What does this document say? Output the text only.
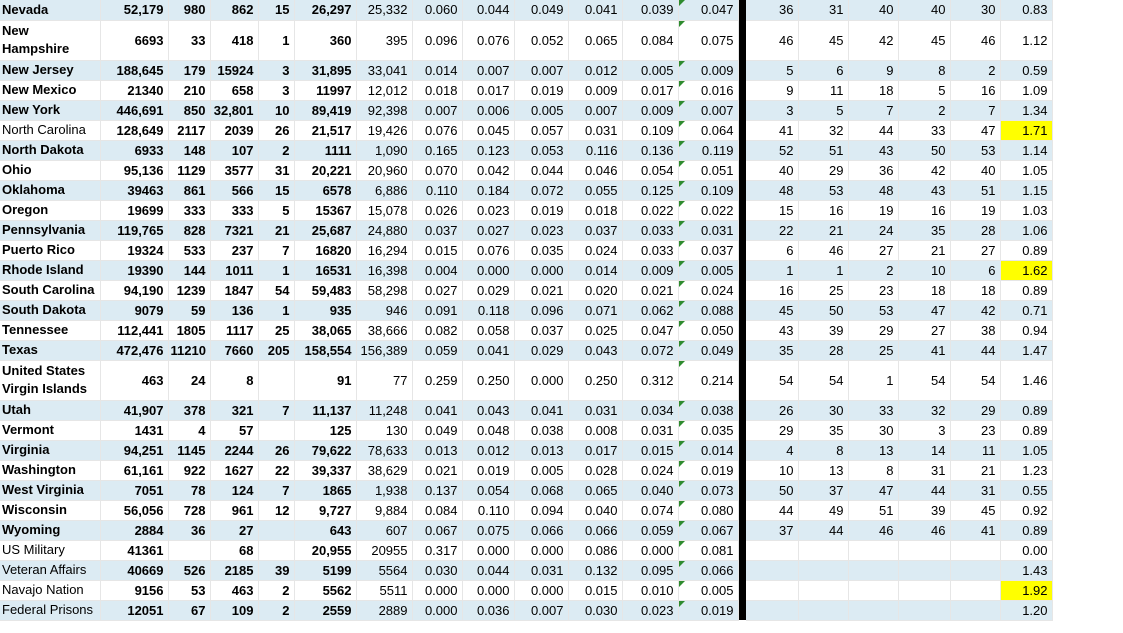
Nevada	52,179	980	862	15	26,297	25,332	0.060	0.044	0.049	0.041	0.039	0.047		36	31	40	40	30	0.83
New Hampshire	6693	33	418	1	360	395	0.096	0.076	0.052	0.065	0.084	0.075		46	45	42	45	46	1.12
New Jersey	188,645	179	15924	3	31,895	33,041	0.014	0.007	0.007	0.012	0.005	0.009		5	6	9	8	2	0.59
New Mexico	21340	210	658	3	11997	12,012	0.018	0.017	0.019	0.009	0.017	0.016		9	11	18	5	16	1.09
New York	446,691	850	32,801	10	89,419	92,398	0.007	0.006	0.005	0.007	0.009	0.007		3	5	7	2	7	1.34
North Carolina	128,649	2117	2039	26	21,517	19,426	0.076	0.045	0.057	0.031	0.109	0.064		41	32	44	33	47	1.71
North Dakota	6933	148	107	2	1111	1,090	0.165	0.123	0.053	0.116	0.136	0.119		52	51	43	50	53	1.14
Ohio	95,136	1129	3577	31	20,221	20,960	0.070	0.042	0.044	0.046	0.054	0.051		40	29	36	42	40	1.05
Oklahoma	39463	861	566	15	6578	6,886	0.110	0.184	0.072	0.055	0.125	0.109		48	53	48	43	51	1.15
Oregon	19699	333	333	5	15367	15,078	0.026	0.023	0.019	0.018	0.022	0.022		15	16	19	16	19	1.03
Pennsylvania	119,765	828	7321	21	25,687	24,880	0.037	0.027	0.023	0.037	0.033	0.031		22	21	24	35	28	1.06
Puerto Rico	19324	533	237	7	16820	16,294	0.015	0.076	0.035	0.024	0.033	0.037		6	46	27	21	27	0.89
Rhode Island	19390	144	1011	1	16531	16,398	0.004	0.000	0.000	0.014	0.009	0.005		1	1	2	10	6	1.62
South Carolina	94,190	1239	1847	54	59,483	58,298	0.027	0.029	0.021	0.020	0.021	0.024		16	25	23	18	18	0.89
South Dakota	9079	59	136	1	935	946	0.091	0.118	0.096	0.071	0.062	0.088		45	50	53	47	42	0.71
Tennessee	112,441	1805	1117	25	38,065	38,666	0.082	0.058	0.037	0.025	0.047	0.050		43	39	29	27	38	0.94
Texas	472,476	11210	7660	205	158,554	156,389	0.059	0.041	0.029	0.043	0.072	0.049		35	28	25	41	44	1.47
United States Virgin Islands	463	24	8		91	77	0.259	0.250	0.000	0.250	0.312	0.214		54	54	1	54	54	1.46
Utah	41,907	378	321	7	11,137	11,248	0.041	0.043	0.041	0.031	0.034	0.038		26	30	33	32	29	0.89
Vermont	1431	4	57		125	130	0.049	0.048	0.038	0.008	0.031	0.035		29	35	30	3	23	0.89
Virginia	94,251	1145	2244	26	79,622	78,633	0.013	0.012	0.013	0.017	0.015	0.014		4	8	13	14	11	1.05
Washington	61,161	922	1627	22	39,337	38,629	0.021	0.019	0.005	0.028	0.024	0.019		10	13	8	31	21	1.23
West Virginia	7051	78	124	7	1865	1,938	0.137	0.054	0.068	0.065	0.040	0.073		50	37	47	44	31	0.55
Wisconsin	56,056	728	961	12	9,727	9,884	0.084	0.110	0.094	0.040	0.074	0.080		44	49	51	39	45	0.92
Wyoming	2884	36	27		643	607	0.067	0.075	0.066	0.066	0.059	0.067		37	44	46	46	41	0.89
US Military	41361		68		20,955	20955	0.317	0.000	0.000	0.086	0.000	0.081							0.00
Veteran Affairs	40669	526	2185	39	5199	5564	0.030	0.044	0.031	0.132	0.095	0.066							1.43
Navajo Nation	9156	53	463	2	5562	5511	0.000	0.000	0.000	0.015	0.010	0.005							1.92
Federal Prisons	12051	67	109	2	2559	2889	0.000	0.036	0.007	0.030	0.023	0.019							1.20
